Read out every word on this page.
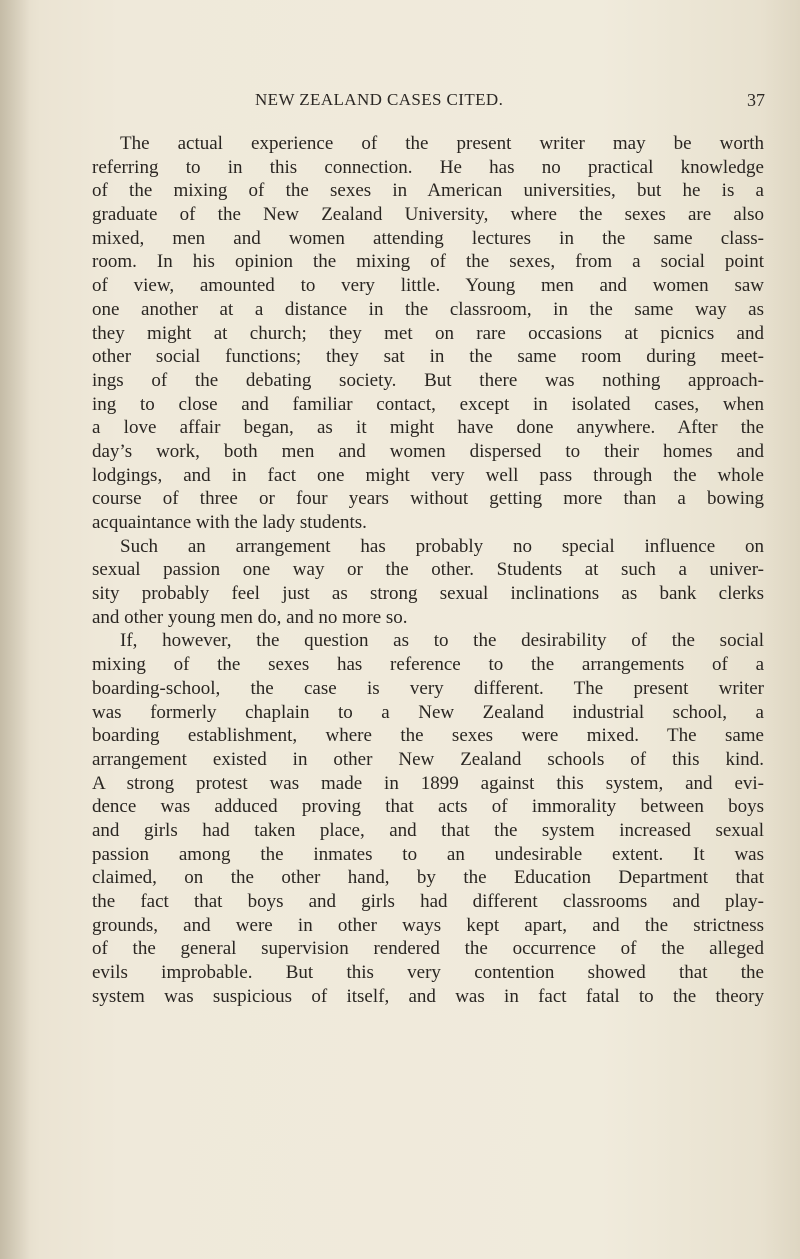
NEW ZEALAND CASES CITED.	37
The actual experience of the present writer may be worth
referring to in this connection. He has no practical knowledge
of the mixing of the sexes in American universities, but he is a
graduate of the New Zealand University, where the sexes are also
mixed, men and women attending lectures in the same class-
room. In his opinion the mixing of the sexes, from a social point
of view, amounted to very little. Young men and women saw
one another at a distance in the classroom, in the same way as
they might at church; they met on rare occasions at picnics and
other social functions; they sat in the same room during meet-
ings of the debating society. But there was nothing approach-
ing to close and familiar contact, except in isolated cases, when
a love affair began, as it might have done anywhere. After the
day’s work, both men and women dispersed to their homes and
lodgings, and in fact one might very well pass through the whole
course of three or four years without getting more than a bowing
acquaintance with the lady students.
Such an arrangement has probably no special influence on
sexual passion one way or the other. Students at such a univer-
sity probably feel just as strong sexual inclinations as bank clerks
and other young men do, and no more so.
If, however, the question as to the desirability of the social
mixing of the sexes has reference to the arrangements of a
boarding-school, the case is very different. The present writer
was formerly chaplain to a New Zealand industrial school, a
boarding establishment, where the sexes were mixed. The same
arrangement existed in other New Zealand schools of this kind.
A strong protest was made in 1899 against this system, and evi-
dence was adduced proving that acts of immorality between boys
and girls had taken place, and that the system increased sexual
passion among the inmates to an undesirable extent. It was
claimed, on the other hand, by the Education Department that
the fact that boys and girls had different classrooms and play-
grounds, and were in other ways kept apart, and the strictness
of the general supervision rendered the occurrence of the alleged
evils improbable. But this very contention showed that the
system was suspicious of itself, and was in fact fatal to the theory
